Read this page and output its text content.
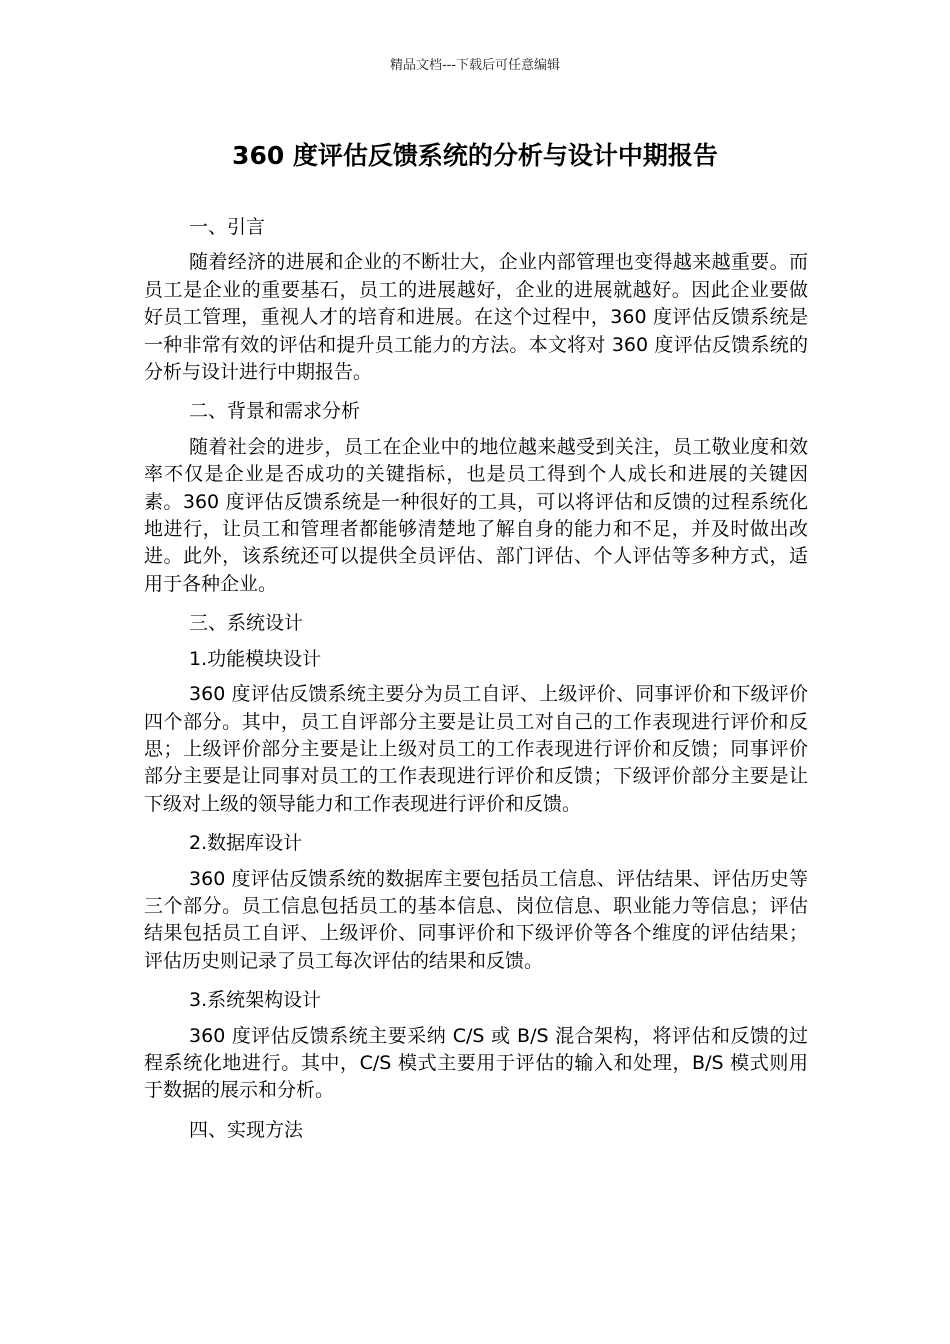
精品文档---下载后可任意编辑
360 度评估反馈系统的分析与设计中期报告

一、引言

随着经济的进展和企业的不断壮大，企业内部管理也变得越来越重要。而员工是企业的重要基石，员工的进展越好，企业的进展就越好。因此企业要做好员工管理，重视人才的培育和进展。在这个过程中，360 度评估反馈系统是一种非常有效的评估和提升员工能力的方法。本文将对 360 度评估反馈系统的分析与设计进行中期报告。

二、背景和需求分析

随着社会的进步，员工在企业中的地位越来越受到关注，员工敬业度和效率不仅是企业是否成功的关键指标，也是员工得到个人成长和进展的关键因素。360 度评估反馈系统是一种很好的工具，可以将评估和反馈的过程系统化地进行，让员工和管理者都能够清楚地了解自身的能力和不足，并及时做出改进。此外，该系统还可以提供全员评估、部门评估、个人评估等多种方式，适用于各种企业。

三、系统设计

1.功能模块设计

360 度评估反馈系统主要分为员工自评、上级评价、同事评价和下级评价四个部分。其中，员工自评部分主要是让员工对自己的工作表现进行评价和反思；上级评价部分主要是让上级对员工的工作表现进行评价和反馈；同事评价部分主要是让同事对员工的工作表现进行评价和反馈；下级评价部分主要是让下级对上级的领导能力和工作表现进行评价和反馈。

2.数据库设计

360 度评估反馈系统的数据库主要包括员工信息、评估结果、评估历史等三个部分。员工信息包括员工的基本信息、岗位信息、职业能力等信息；评估结果包括员工自评、上级评价、同事评价和下级评价等各个维度的评估结果；评估历史则记录了员工每次评估的结果和反馈。

3.系统架构设计

360 度评估反馈系统主要采纳 C/S 或 B/S 混合架构，将评估和反馈的过程系统化地进行。其中，C/S 模式主要用于评估的输入和处理，B/S 模式则用于数据的展示和分析。

四、实现方法
